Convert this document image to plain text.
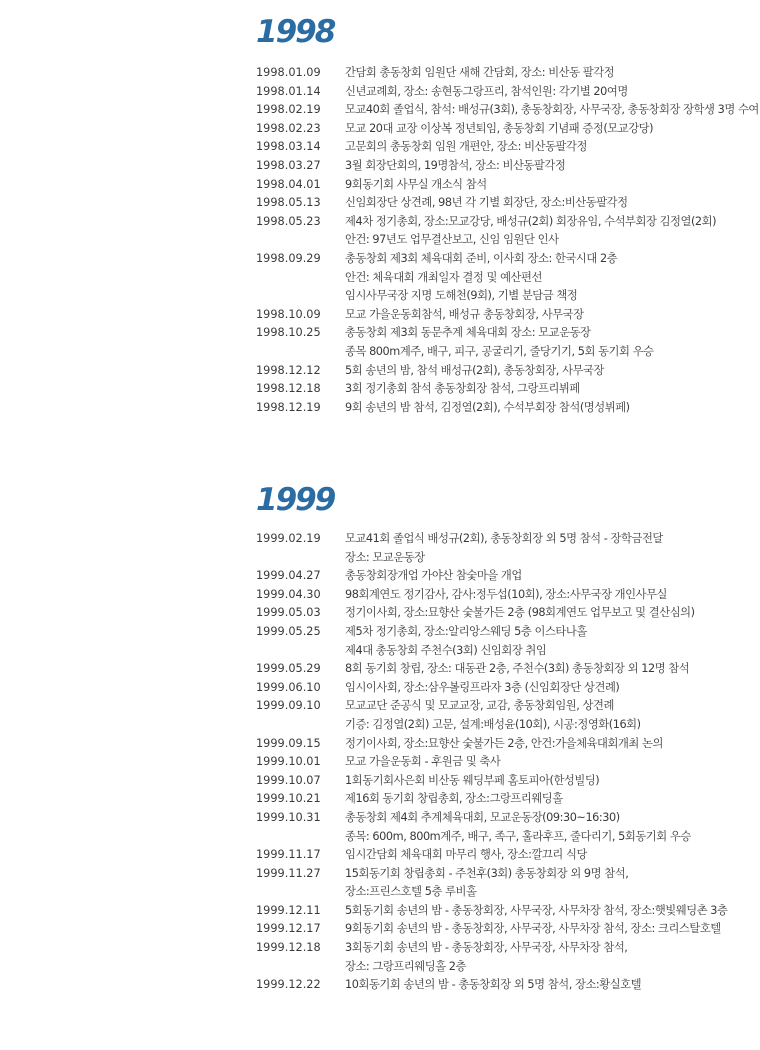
1998
1998.01.09	간담회 총동창회 임원단 새해 간담회, 장소: 비산동 팔각정
1998.01.14	신년교례회, 장소: 송현동그랑프리, 참석인원: 각기별 20여명
1998.02.19	모교40회 졸업식, 참석: 배성규(3회), 총동창회장, 사무국장, 총동창회장 장학생 3명 수여
1998.02.23	모교 20대 교장 이상복 정년퇴임, 총동창회 기념패 증정(모교강당)
1998.03.14	고문회의 총동창회 임원 개편안, 장소: 비산동팔각정
1998.03.27	3월 회장단회의, 19명참석, 장소: 비산동팔각정
1998.04.01	9회동기회 사무실 개소식 참석
1998.05.13	신임회장단 상견례, 98년 각 기별 회장단, 장소:비산동팔각정
1998.05.23	제4차 정기총회, 장소:모교강당, 배성규(2회) 회장유임, 수석부회장 김정열(2회)
안건: 97년도 업무결산보고, 신임 임원단 인사
1998.09.29	총동창회 제3회 체육대회 준비, 이사회 장소: 한국시대 2층
안건: 체육대회 개최일자 결정 및 예산편선
임시사무국장 지명 도해천(9회), 기별 분담금 책정
1998.10.09	모교 가을운동회참석, 배성규 총동창회장, 사무국장
1998.10.25	총동창회 제3회 동문추계 체육대회 장소: 모교운동장
종목 800m계주, 배구, 피구, 공굴리기, 줄당기기, 5회 동기회 우승
1998.12.12	5회 송년의 밤, 참석 배성규(2회), 총동창회장, 사무국장
1998.12.18	3회 정기총회 참석 총동창회장 참석, 그랑프리뷔페
1998.12.19	9회 송년의 밤 참석, 김정열(2회), 수석부회장 참석(명성뷔페)
1999
1999.02.19	모교41회 졸업식 배성규(2회), 총동창회장 외 5명 참석 - 장학금전달
장소: 모교운동장
1999.04.27	총동창회장개업 가야산 참숯마을 개업
1999.04.30	98회계연도 정기감사, 감사:정두섭(10회), 장소:사무국장 개인사무실
1999.05.03	정기이사회, 장소:묘향산 숯불가든 2층 (98회계연도 업무보고 및 결산심의)
1999.05.25	제5차 정기총회, 장소:알리앙스웨딩 5층 이스타나홀
제4대 총동창회 주천수(3회) 신임회장 취임
1999.05.29	8회 동기회 창립, 장소: 대동관 2층, 주천수(3회) 총동창회장 외 12명 참석
1999.06.10	임시이사회, 장소:삼우볼링프라자 3층 (신임회장단 상견례)
1999.09.10	모교교단 준공식 및 모교교장, 교감, 총동창회임원, 상견례
기증: 김정열(2회) 고문, 설계:배성윤(10회), 시공:정영화(16회)
1999.09.15	정기이사회, 장소:묘향산 숯불가든 2층, 안건:가을체육대회개최 논의
1999.10.01	모교 가을운동회 - 후원금 및 축사
1999.10.07	1회동기회사은회 비산동 웨딩부페 홈토피아(한성빌딩)
1999.10.21	제16회 동기회 창립총회, 장소:그랑프리웨딩홀
1999.10.31	총동창회 제4회 추계체육대회, 모교운동장(09:30~16:30)
종목: 600m, 800m계주, 배구, 족구, 훌라후프, 줄다리기, 5회동기회 우승
1999.11.17	임시간담회 체육대회 마무리 행사, 장소:깔끄리 식당
1999.11.27	15회동기회 창립총회 - 주천후(3회) 총동창회장 외 9명 참석,
장소:프린스호텔 5층 루비홀
1999.12.11	5회동기회 송년의 밤 - 총동창회장, 사무국장, 사무차장 참석, 장소:햇빛웨딩촌 3층
1999.12.17	9회동기회 송년의 밤 - 총동창회장, 사무국장, 사무차장 참석, 장소: 크리스탈호텔
1999.12.18	3회동기회 송년의 밤 - 총동창회장, 사무국장, 사무차장 참석,
장소: 그랑프리웨딩홀 2층
1999.12.22	10회동기회 송년의 밤 - 총동창회장 외 5명 참석, 장소:황실호텔
